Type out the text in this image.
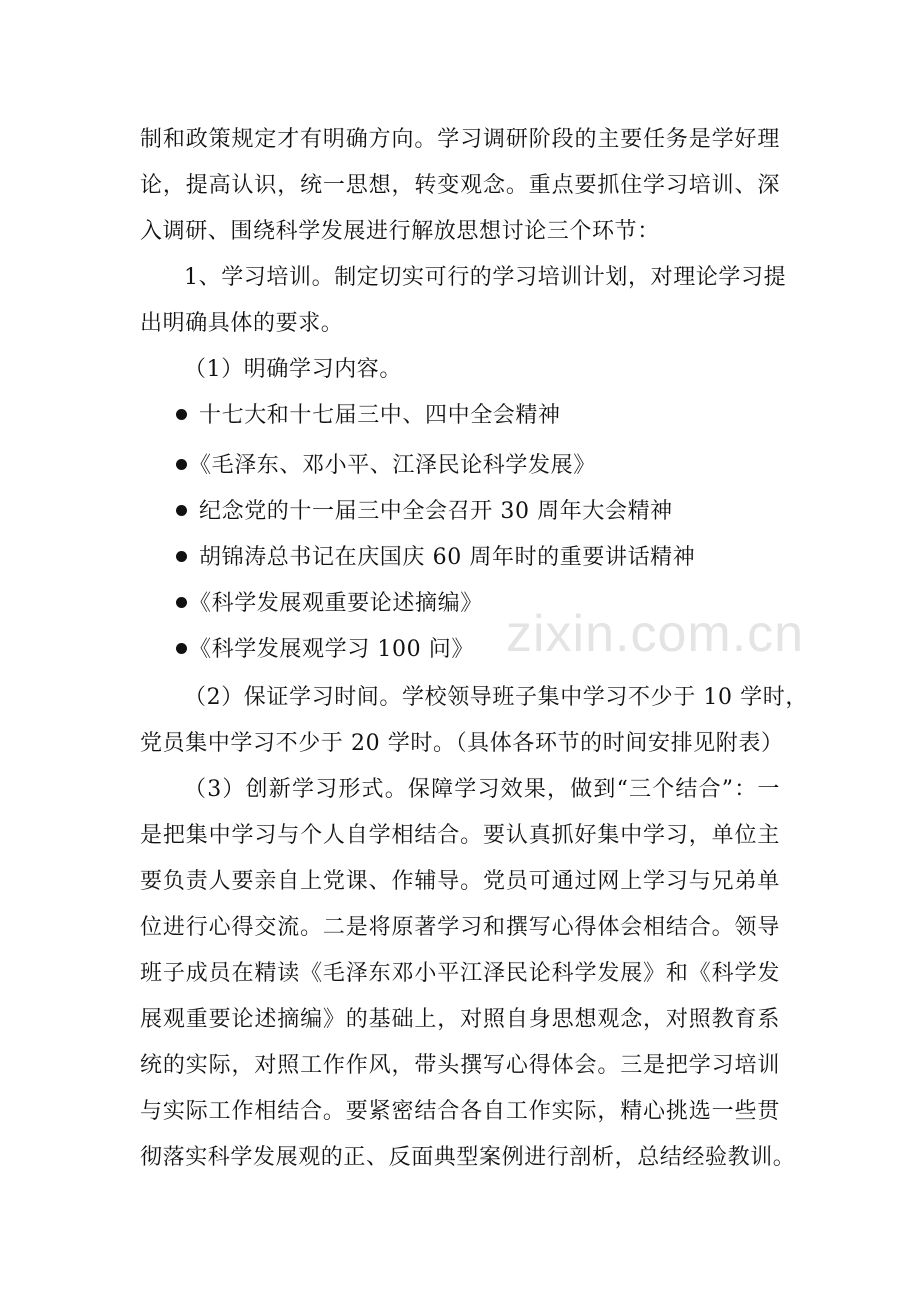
zixin.com.cn
制和政策规定才有明确方向。学习调研阶段的主要任务是学好理
论，提高认识，统一思想，转变观念。重点要抓住学习培训、深
入调研、围绕科学发展进行解放思想讨论三个环节：
1、学习培训。制定切实可行的学习培训计划，对理论学习提
出明确具体的要求。
（1）明确学习内容。
十七大和十七届三中、四中全会精神
《毛泽东、邓小平、江泽民论科学发展》
纪念党的十一届三中全会召开 30 周年大会精神
胡锦涛总书记在庆国庆 60 周年时的重要讲话精神
《科学发展观重要论述摘编》
《科学发展观学习 100 问》
（2）保证学习时间。学校领导班子集中学习不少于 10 学时，
党员集中学习不少于 20 学时。（具体各环节的时间安排见附表）
（3）创新学习形式。保障学习效果，做到“三个结合”：一
是把集中学习与个人自学相结合。要认真抓好集中学习，单位主
要负责人要亲自上党课、作辅导。党员可通过网上学习与兄弟单
位进行心得交流。二是将原著学习和撰写心得体会相结合。领导
班子成员在精读《毛泽东邓小平江泽民论科学发展》和《科学发
展观重要论述摘编》的基础上，对照自身思想观念，对照教育系
统的实际，对照工作作风，带头撰写心得体会。三是把学习培训
与实际工作相结合。要紧密结合各自工作实际，精心挑选一些贯
彻落实科学发展观的正、反面典型案例进行剖析，总结经验教训。
